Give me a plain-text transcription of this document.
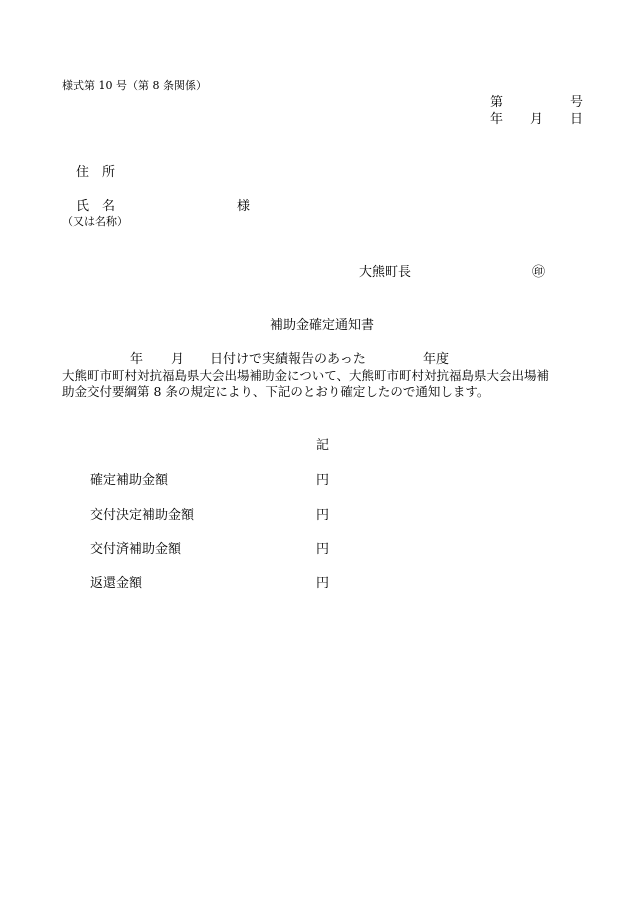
様式第 10 号（第 8 条関係）
第	号
年 月 日
住　所
氏　名	様
（又は名称）
大熊町長	㊞
補助金確定通知書
年 月 日付けで実績報告のあった	年度
大熊町市町村対抗福島県大会出場補助金について、大熊町市町村対抗福島県大会出場補
助金交付要綱第 8 条の規定により、下記のとおり確定したので通知します。
記
確定補助金額	円
交付決定補助金額	円
交付済補助金額	円
返還金額	円
